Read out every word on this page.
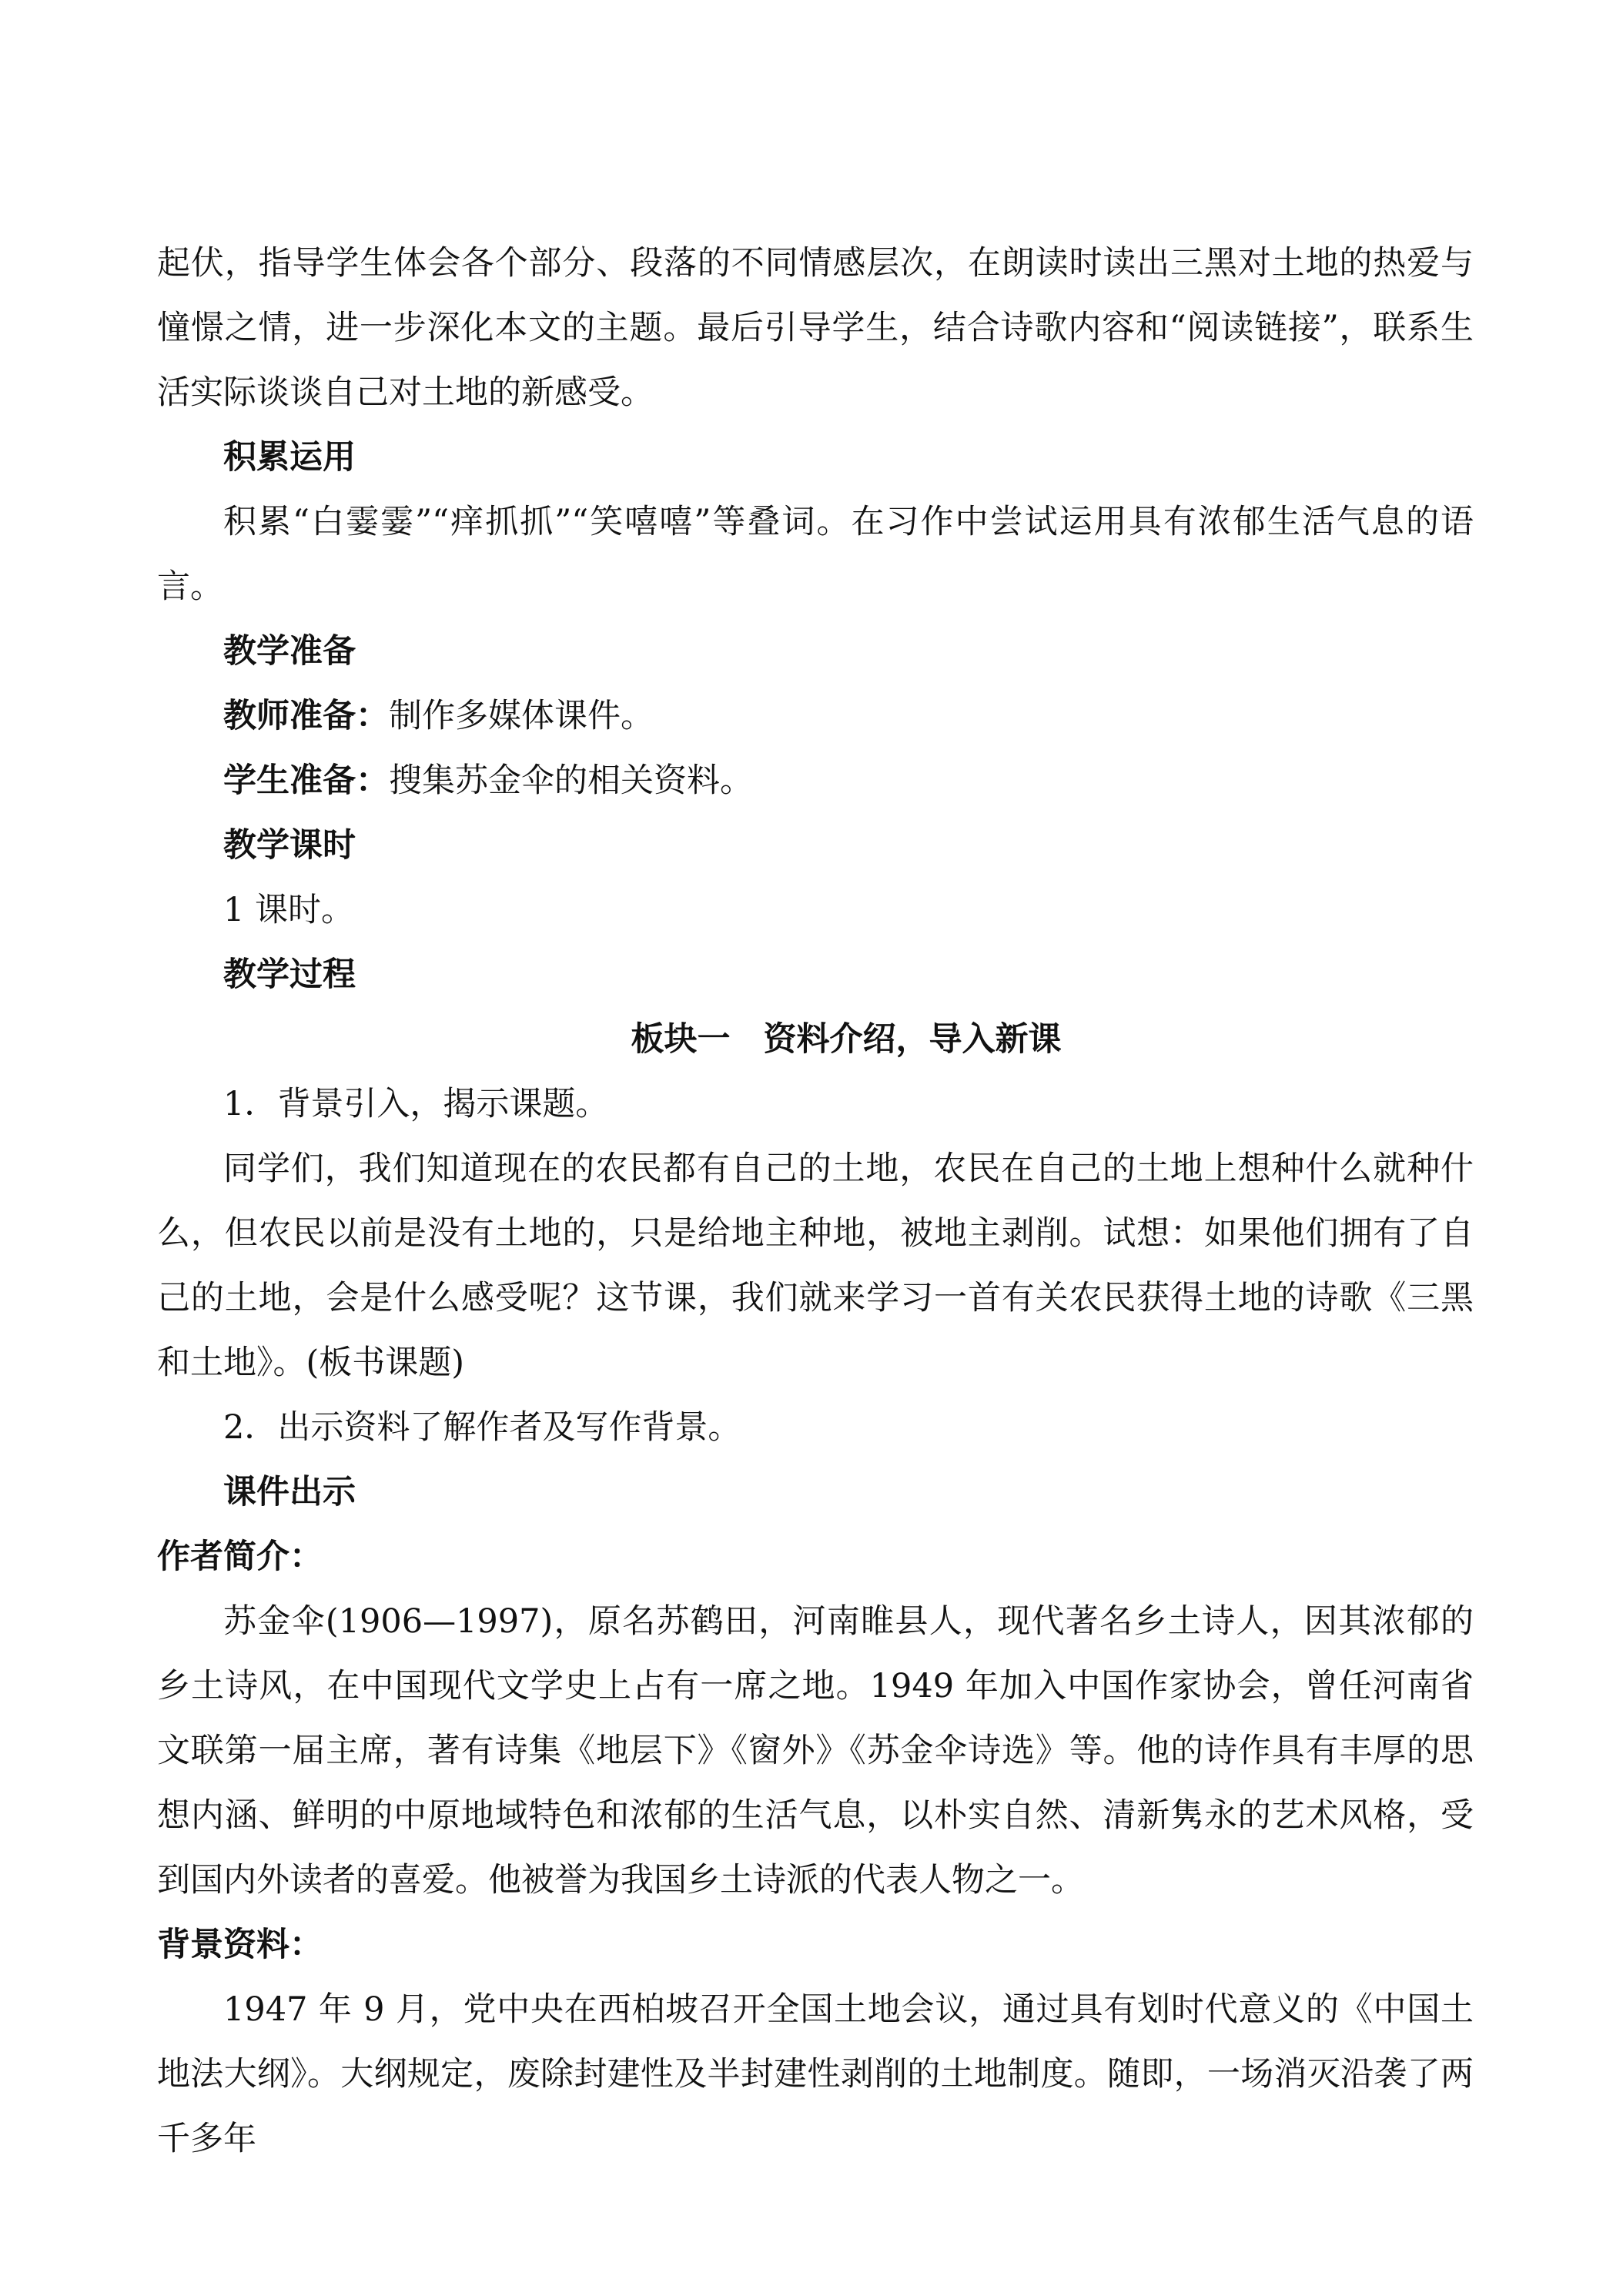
起伏，指导学生体会各个部分、段落的不同情感层次，在朗读时读出三黑对土地的热爱与憧憬之情，进一步深化本文的主题。最后引导学生，结合诗歌内容和“阅读链接”，联系生活实际谈谈自己对土地的新感受。

积累运用

积累“白霎霎”“痒抓抓”“笑嘻嘻”等叠词。在习作中尝试运用具有浓郁生活气息的语言。

教学准备

教师准备：制作多媒体课件。

学生准备：搜集苏金伞的相关资料。

教学课时

1 课时。

教学过程

板块一　资料介绍，导入新课

1．背景引入，揭示课题。

同学们，我们知道现在的农民都有自己的土地，农民在自己的土地上想种什么就种什么，但农民以前是没有土地的，只是给地主种地，被地主剥削。试想：如果他们拥有了自己的土地，会是什么感受呢？这节课，我们就来学习一首有关农民获得土地的诗歌《三黑和土地》。(板书课题)

2．出示资料了解作者及写作背景。

课件出示

作者简介：

苏金伞(1906—1997)，原名苏鹤田，河南睢县人，现代著名乡土诗人，因其浓郁的乡土诗风，在中国现代文学史上占有一席之地。1949 年加入中国作家协会，曾任河南省文联第一届主席，著有诗集《地层下》《窗外》《苏金伞诗选》等。他的诗作具有丰厚的思想内涵、鲜明的中原地域特色和浓郁的生活气息，以朴实自然、清新隽永的艺术风格，受到国内外读者的喜爱。他被誉为我国乡土诗派的代表人物之一。

背景资料：

1947 年 9 月，党中央在西柏坡召开全国土地会议，通过具有划时代意义的《中国土地法大纲》。大纲规定，废除封建性及半封建性剥削的土地制度。随即，一场消灭沿袭了两千多年
